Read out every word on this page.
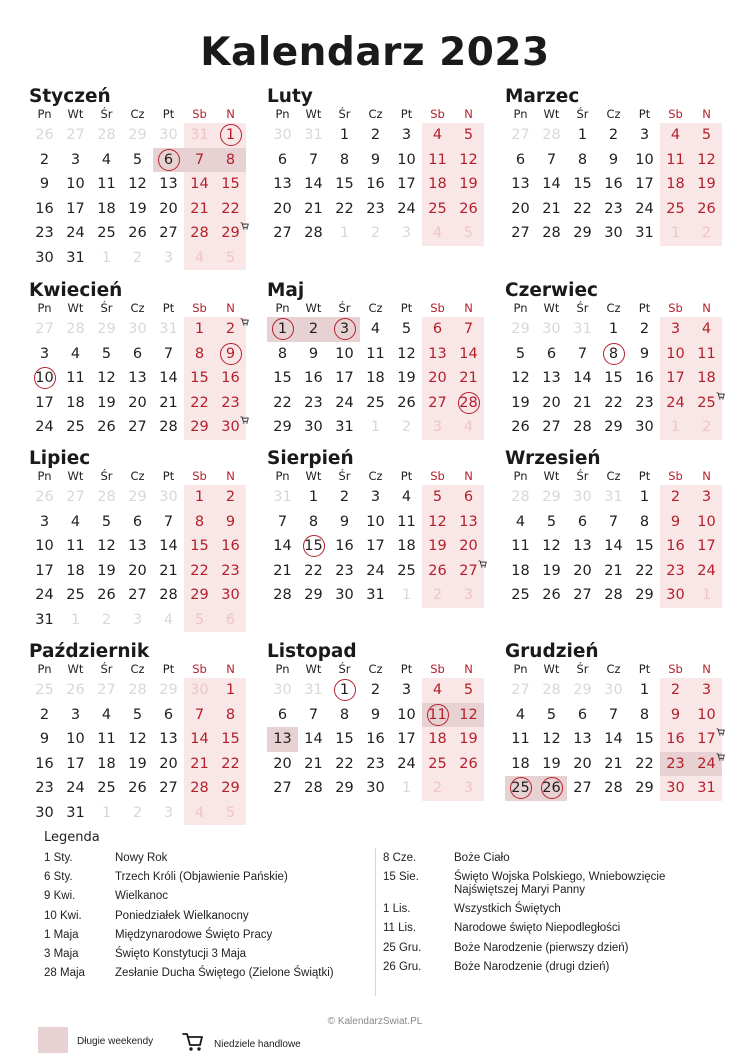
Kalendarz 2023
Styczeń
Pn	Wt	Śr	Cz	Pt	Sb	N
26 27 28 29 30 31	1
2	3	4	5	6	7	8
9	10 11 12 13 14 15
16 17 18 19 20 21 22
23 24 25 26 27 28 29
30 31	1	2	3	4	5
Luty
Pn	Wt	Śr	Cz	Pt	Sb	N
30 31	1	2	3	4	5
6	7	8	9	10 11 12
13 14 15 16 17 18 19
20 21 22 23 24 25 26
27 28	1	2	3	4	5
Marzec
Pn	Wt	Śr	Cz	Pt	Sb	N
27 28	1	2	3	4	5
6	7	8	9	10 11 12
13 14 15 16 17 18 19
20 21 22 23 24 25 26
27 28 29 30 31	1	2
Kwiecień
Pn	Wt	Śr	Cz	Pt	Sb	N
27 28 29 30 31	1	2
3	4	5	6	7	8	9
10 11 12 13 14 15 16
17 18 19 20 21 22 23
24 25 26 27 28 29 30
Maj
Pn	Wt	Śr	Cz	Pt	Sb	N
1	2	3	4	5	6	7
8	9	10 11 12 13 14
15 16 17 18 19 20 21
22 23 24 25 26 27 28
29 30 31	1	2	3	4
Czerwiec
Pn	Wt	Śr	Cz	Pt	Sb	N
29 30 31	1	2	3	4
5	6	7	8	9	10 11
12 13 14 15 16 17 18
19 20 21 22 23 24 25
26 27 28 29 30	1	2
Lipiec
Pn	Wt	Śr	Cz	Pt	Sb	N
26 27 28 29 30	1	2
3	4	5	6	7	8	9
10 11 12 13 14 15 16
17 18 19 20 21 22 23
24 25 26 27 28 29 30
31	1	2	3	4	5	6
Sierpień
Pn	Wt	Śr	Cz	Pt	Sb	N
31	1	2	3	4	5	6
7	8	9	10 11 12 13
14 15 16 17 18 19 20
21 22 23 24 25 26 27
28 29 30 31	1	2	3
Wrzesień
Pn	Wt	Śr	Cz	Pt	Sb	N
28 29 30 31	1	2	3
4	5	6	7	8	9	10
11 12 13 14 15 16 17
18 19 20 21 22 23 24
25 26 27 28 29 30	1
Październik
Pn	Wt	Śr	Cz	Pt	Sb	N
25 26 27 28 29 30	1
2	3	4	5	6	7	8
9	10 11 12 13 14 15
16 17 18 19 20 21 22
23 24 25 26 27 28 29
30 31	1	2	3	4	5
Listopad
Pn	Wt	Śr	Cz	Pt	Sb	N
30 31	1	2	3	4	5
6	7	8	9	10 11 12
13 14 15 16 17 18 19
20 21 22 23 24 25 26
27 28 29 30	1	2	3
Grudzień
Pn	Wt	Śr	Cz	Pt	Sb	N
27 28 29 30	1	2	3
4	5	6	7	8	9	10
11 12 13 14 15 16 17
18 19 20 21 22 23 24
25 26 27 28 29 30 31
Legenda
1 Sty.	Nowy Rok
6 Sty.	Trzech Króli (Objawienie Pańskie)
9 Kwi.	Wielkanoc
10 Kwi.	Poniedziałek Wielkanocny
1 Maja	Międzynarodowe Święto Pracy
3 Maja	Święto Konstytucji 3 Maja
28 Maja	Zesłanie Ducha Świętego (Zielone Świątki)
8 Cze.	Boże Ciało
15 Sie.	Święto Wojska Polskiego, Wniebowzięcie Najświętszej Maryi Panny
1 Lis.	Wszystkich Świętych
11 Lis.	Narodowe święto Niepodległości
25 Gru.	Boże Narodzenie (pierwszy dzień)
26 Gru.	Boże Narodzenie (drugi dzień)
© KalendarzSwiat.PL
Długie weekendy	Niedziele handlowe
